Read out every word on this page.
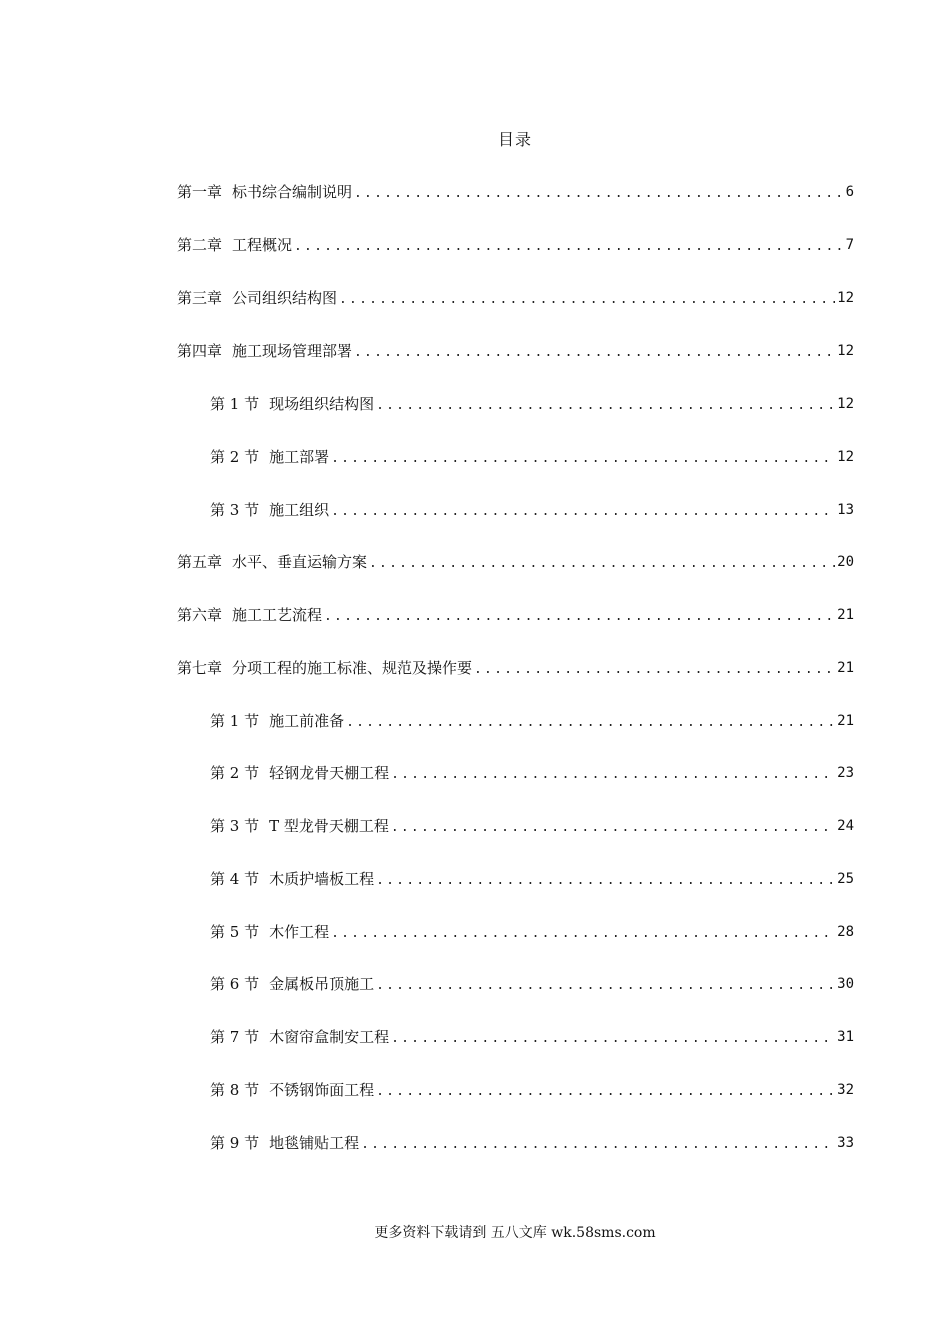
目录
第一章 标书综合编制说明 .....	6
第二章 工程概况 .....	7
第三章 公司组织结构图 .....	12
第四章 施工现场管理部署 .....	12
第 1 节 现场组织结构图 .....	12
第 2 节 施工部署 .....	12
第 3 节 施工组织 .....	13
第五章 水平、垂直运输方案 .....	20
第六章 施工工艺流程 .....	21
第七章 分项工程的施工标准、规范及操作要 .....	21
第 1 节 施工前准备 .....	21
第 2 节 轻钢龙骨天棚工程 .....	23
第 3 节 T 型龙骨天棚工程 .....	24
第 4 节 木质护墙板工程 .....	25
第 5 节 木作工程 .....	28
第 6 节 金属板吊顶施工 .....	30
第 7 节 木窗帘盒制安工程 .....	31
第 8 节 不锈钢饰面工程 .....	32
第 9 节 地毯铺贴工程 .....	33
更多资料下载请到 五八文库 wk.58sms.com
